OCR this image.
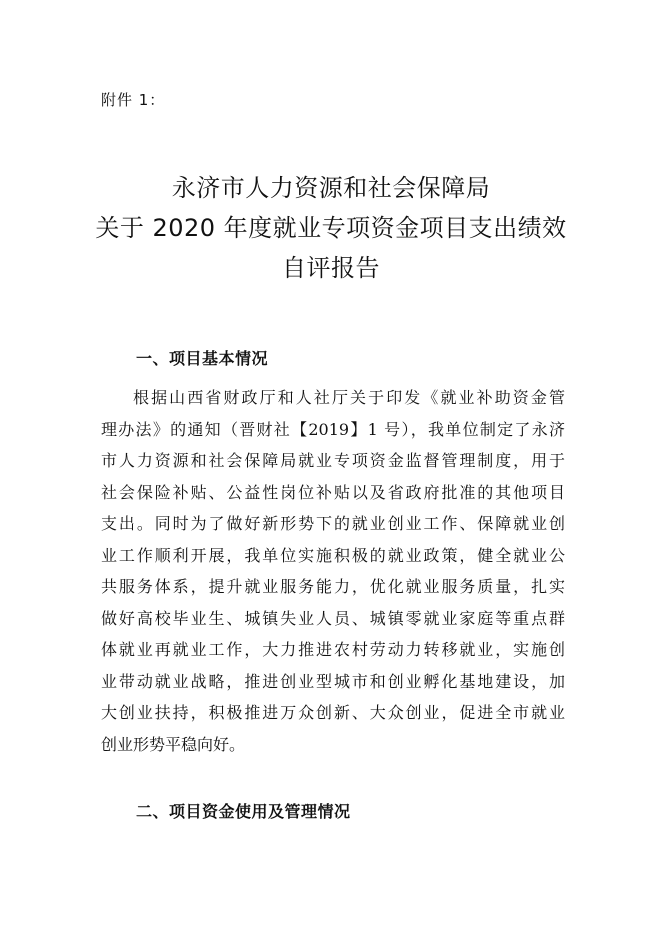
附件 1：
永济市人力资源和社会保障局
关于 2020 年度就业专项资金项目支出绩效
自评报告
一、项目基本情况
根据山西省财政厅和人社厅关于印发《就业补助资金管
理办法》的通知（晋财社【2019】1 号），我单位制定了永济
市人力资源和社会保障局就业专项资金监督管理制度，用于
社会保险补贴、公益性岗位补贴以及省政府批准的其他项目
支出。同时为了做好新形势下的就业创业工作、保障就业创
业工作顺利开展，我单位实施积极的就业政策，健全就业公
共服务体系，提升就业服务能力，优化就业服务质量，扎实
做好高校毕业生、城镇失业人员、城镇零就业家庭等重点群
体就业再就业工作，大力推进农村劳动力转移就业，实施创
业带动就业战略，推进创业型城市和创业孵化基地建设，加
大创业扶持，积极推进万众创新、大众创业，促进全市就业
创业形势平稳向好。
二、项目资金使用及管理情况
